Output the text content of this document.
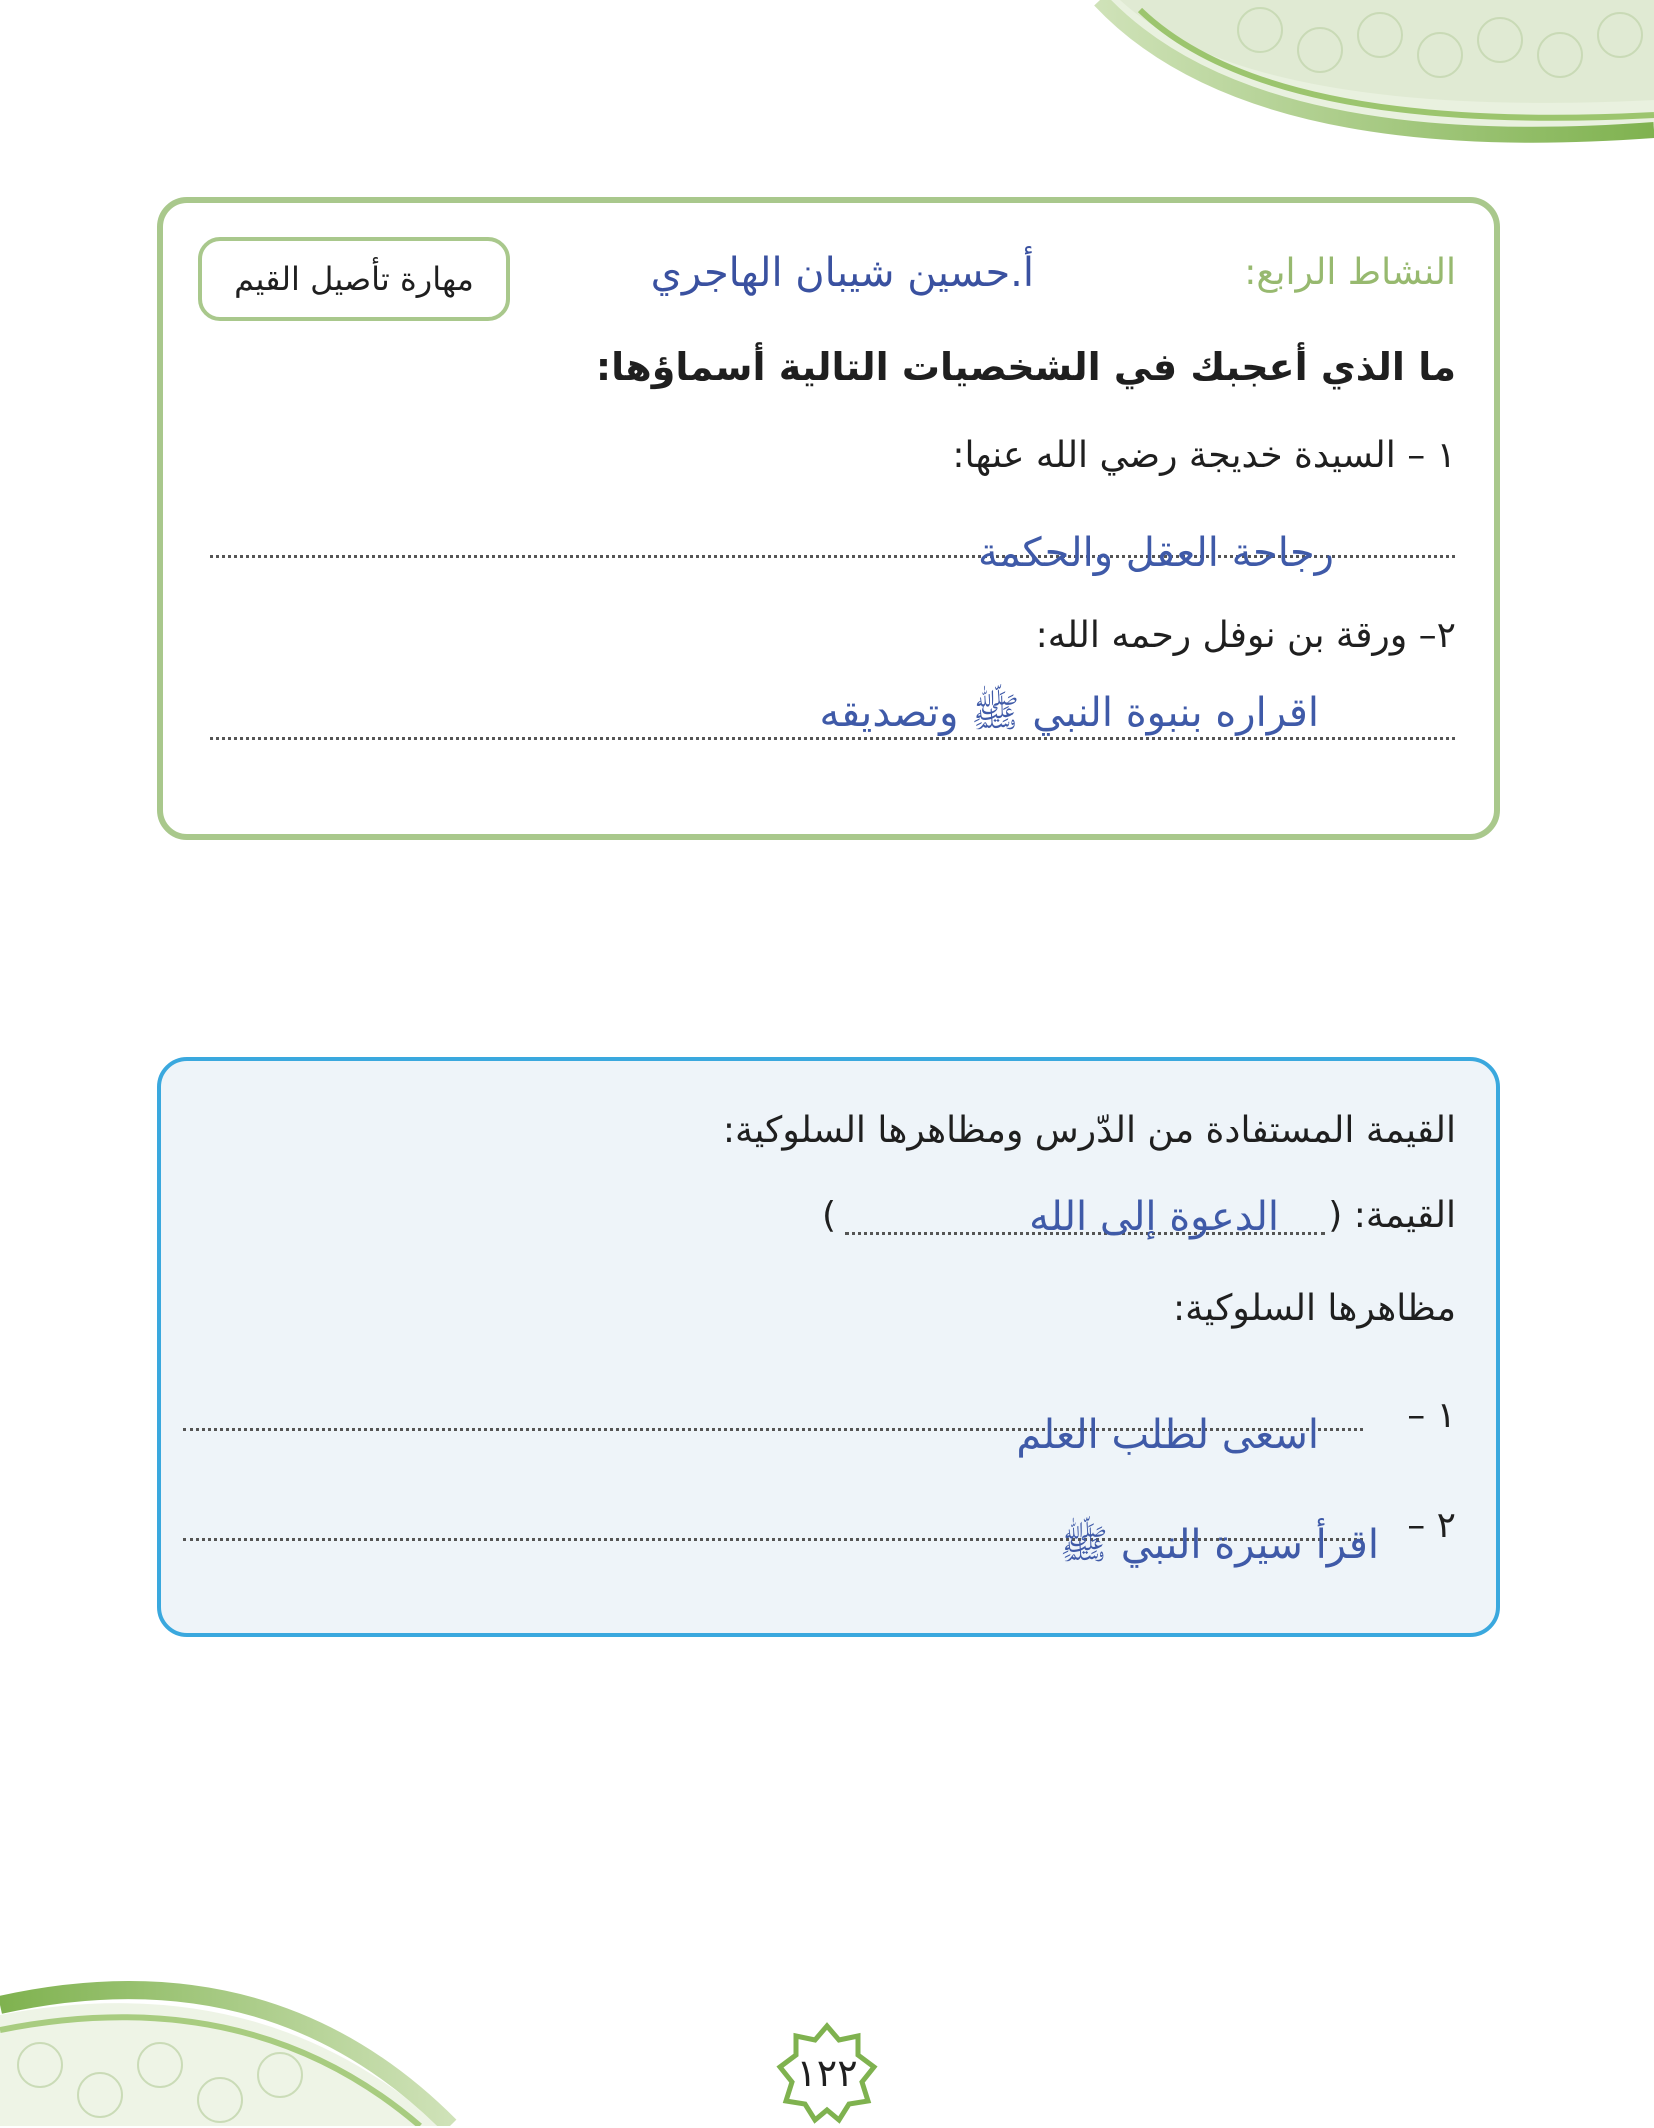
النشاط الرابع:
أ.حسين شيبان الهاجري
مهارة تأصيل القيم
ما الذي أعجبك في الشخصيات التالية أسماؤها:
١ – السيدة خديجة رضي الله عنها:
رجاحة العقل والحكمة
٢– ورقة بن نوفل رحمه الله:
اقراره بنبوة النبي ﷺ وتصديقه
القيمة المستفادة من الدّرس ومظاهرها السلوكية:
القيمة: (
)	الدعوة إلى الله
مظاهرها السلوكية:
١ –
اسعى لطلب العلم
٢ –
اقرأ سيرة النبي ﷺ
١٢٢
